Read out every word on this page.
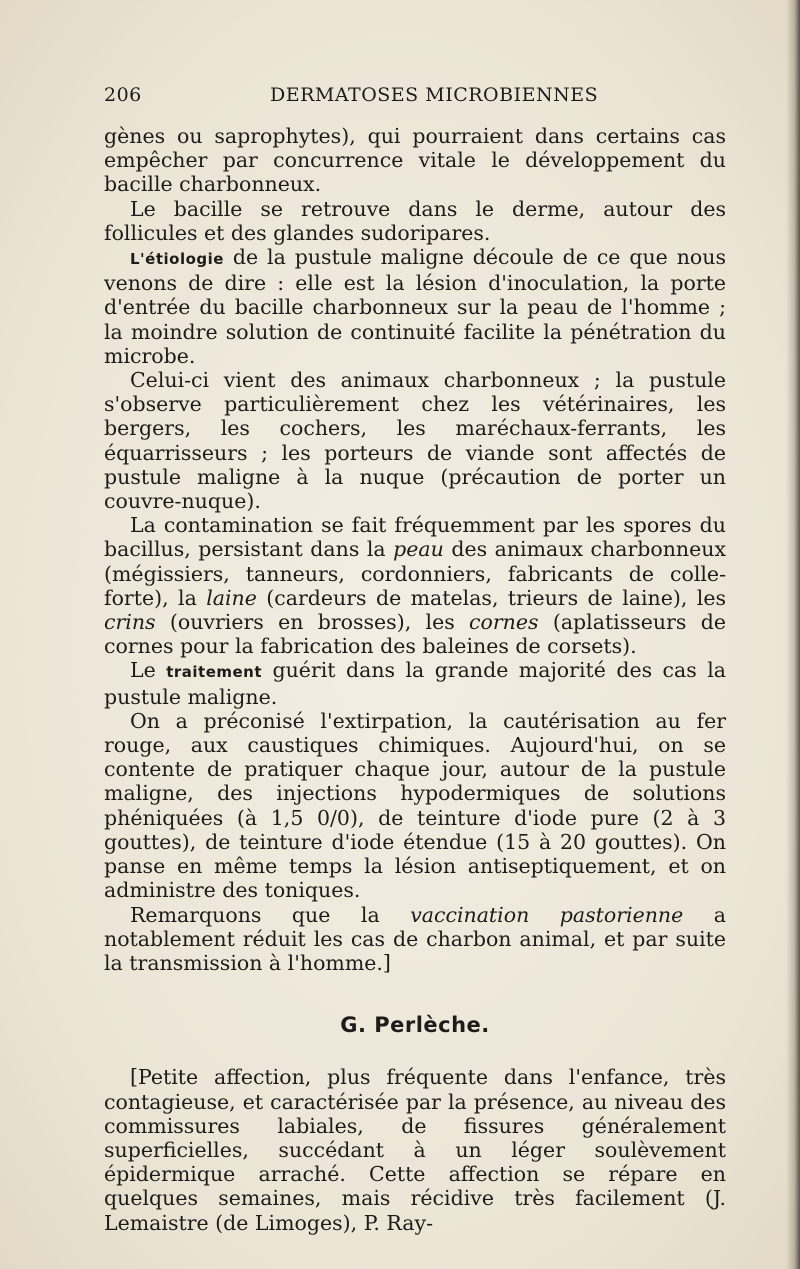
206	DERMATOSES MICROBIENNES

gènes ou saprophytes), qui pourraient dans certains cas empêcher par concurrence vitale le développement du bacille charbonneux.

Le bacille se retrouve dans le derme, autour des follicules et des glandes sudoripares.

L'étiologie de la pustule maligne découle de ce que nous venons de dire : elle est la lésion d'inoculation, la porte d'entrée du bacille charbonneux sur la peau de l'homme ; la moindre solution de continuité facilite la pénétration du microbe.

Celui-ci vient des animaux charbonneux ; la pustule s'observe particulièrement chez les vétérinaires, les bergers, les cochers, les maréchaux-ferrants, les équarrisseurs ; les porteurs de viande sont affectés de pustule maligne à la nuque (précaution de porter un couvre-nuque).

La contamination se fait fréquemment par les spores du bacillus, persistant dans la peau des animaux charbonneux (mégissiers, tanneurs, cordonniers, fabricants de colle-forte), la laine (cardeurs de matelas, trieurs de laine), les crins (ouvriers en brosses), les cornes (aplatisseurs de cornes pour la fabrication des baleines de corsets).

Le traitement guérit dans la grande majorité des cas la pustule maligne.

On a préconisé l'extirpation, la cautérisation au fer rouge, aux caustiques chimiques. Aujourd'hui, on se contente de pratiquer chaque jour, autour de la pustule maligne, des injections hypodermiques de solutions phéniquées (à 1,5 0/0), de teinture d'iode pure (2 à 3 gouttes), de teinture d'iode étendue (15 à 20 gouttes). On panse en même temps la lésion antiseptiquement, et on administre des toniques.

Remarquons que la vaccination pastorienne a notablement réduit les cas de charbon animal, et par suite la transmission à l'homme.]

G. Perlèche.

[Petite affection, plus fréquente dans l'enfance, très contagieuse, et caractérisée par la présence, au niveau des commissures labiales, de fissures généralement superficielles, succédant à un léger soulèvement épidermique arraché. Cette affection se répare en quelques semaines, mais récidive très facilement (J. Lemaistre (de Limoges), P. Ray-
